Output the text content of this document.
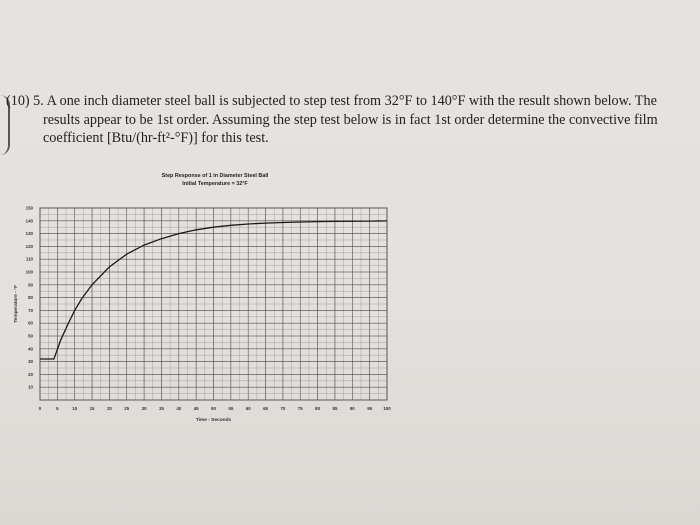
(10) 5. A one inch diameter steel ball is subjected to step test from 32°F to 140°F with the result shown below. The
results appear to be 1st order. Assuming the step test below is in fact 1st order determine the convective film
coefficient [Btu/(hr-ft²-°F)] for this test.
Step Response of 1 in Diameter Steel Ball
Initial Temperature = 32°F
0	5	10	15	20	25	30	35	40	45	50	55	60	65	70	75	80	85	90	95	100
10
20
30
40
50
60
70
80
90
100
110
120
130
140
150
Time - Seconds
Temperature - °F
